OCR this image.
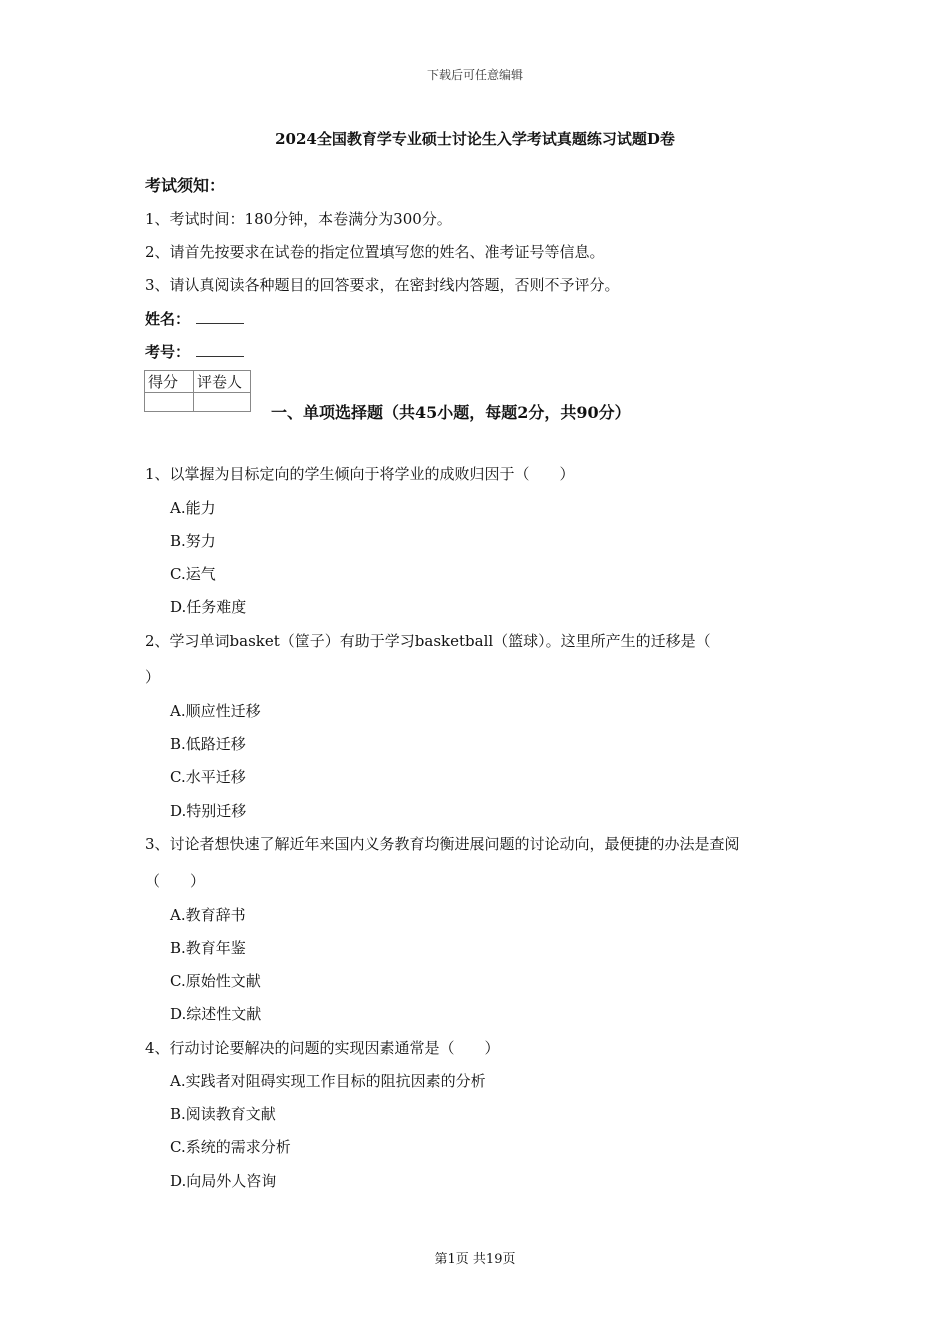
下载后可任意编辑
2024全国教育学专业硕士讨论生入学考试真题练习试题D卷
考试须知：
1、考试时间：180分钟，本卷满分为300分。
2、请首先按要求在试卷的指定位置填写您的姓名、准考证号等信息。
3、请认真阅读各种题目的回答要求，在密封线内答题，否则不予评分。
姓名：
考号：
得分	评卷人

一、单项选择题（共45小题，每题2分，共90分）
1、以掌握为目标定向的学生倾向于将学业的成败归因于（　　）
A.能力
B.努力
C.运气
D.任务难度
2、学习单词basket（筐子）有助于学习basketball（篮球）。这里所产生的迁移是（
）
A.顺应性迁移
B.低路迁移
C.水平迁移
D.特别迁移
3、讨论者想快速了解近年来国内义务教育均衡进展问题的讨论动向，最便捷的办法是查阅
（　　）
A.教育辞书
B.教育年鉴
C.原始性文献
D.综述性文献
4、行动讨论要解决的问题的实现因素通常是（　　）
A.实践者对阻碍实现工作目标的阻抗因素的分析
B.阅读教育文献
C.系统的需求分析
D.向局外人咨询
第1页 共19页
